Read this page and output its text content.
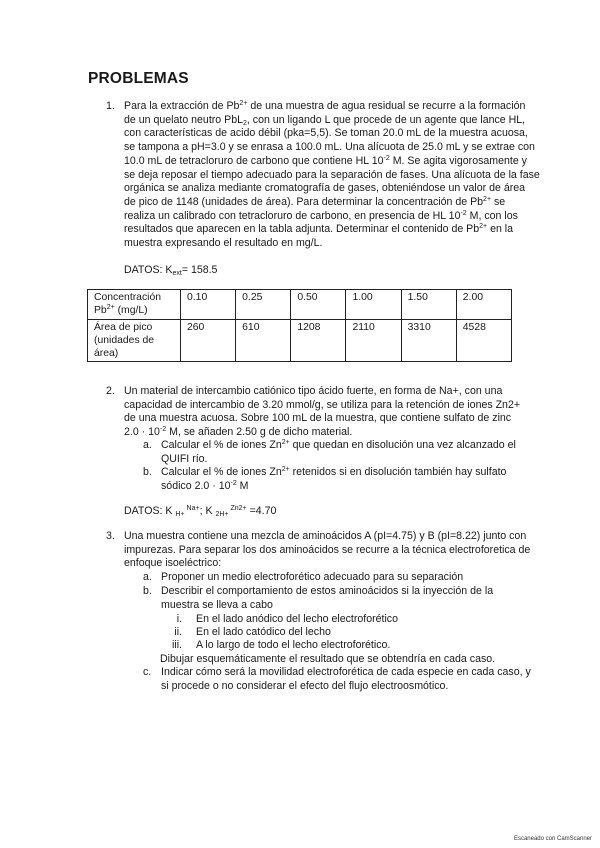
PROBLEMAS
1. Para la extracción de $Pb^{2+}$ de una muestra de agua residual se recurre a la formación
de un quelato neutro PbL$_2$, con un ligando L que procede de un agente que lance HL,
con características de acido débil (pka=5,5). Se toman 20.0 mL de la muestra acuosa,
se tampona a pH=3.0 y se enrasa a 100.0 mL. Una alícuota de 25.0 mL y se extrae con
10.0 mL de tetracloruro de carbono que contiene HL $10^{-2}$ M. Se agita vigorosamente y
se deja reposar el tiempo adecuado para la separación de fases. Una alícuota de la fase
orgánica se analiza mediante cromatografía de gases, obteniéndose un valor de área
de pico de 1148 (unidades de área). Para determinar la concentración de $Pb^{2+}$ se
realiza un calibrado con tetracloruro de carbono, en presencia de HL $10^{-2}$ M, con los
resultados que aparecen en la tabla adjunta. Determinar el contenido de $Pb^{2+}$ en la
muestra expresando el resultado en mg/L.
DATOS: $K_{ext}= 158.5$
Concentración
$Pb^{2+}$ (mg/L)	0.10	0.25	0.50	1.00	1.50	2.00

Área de pico
(unidades de
área)	260	610	1208	2110	3310	4528
2. Un material de intercambio catiónico tipo ácido fuerte, en forma de Na+, con una
capacidad de intercambio de 3.20 mmol/g, se utiliza para la retención de iones Zn2+
de una muestra acuosa. Sobre 100 mL de la muestra, que contiene sulfato de zinc
$2.0 \cdot 10^{-2}$ M, se añaden 2.50 g de dicho material.
a. Calcular el % de iones $Zn^{2+}$ que quedan en disolución una vez alcanzado el
QUIFI río.
b. Calcular el % de iones $Zn^{2+}$ retenidos si en disolución también hay sulfato
sódico $2.0 \cdot 10^{-2}$ M
DATOS: K $_{H+}$ $^{Na+}$; K $_{2H+}$ $^{Zn2+}$ =4.70
3. Una muestra contiene una mezcla de aminoácidos A (pI=4.75) y B (pI=8.22) junto con
impurezas. Para separar los dos aminoácidos se recurre a la técnica electroforetica de
enfoque isoeléctrico:
a. Proponer un medio electroforético adecuado para su separación
b. Describir el comportamiento de estos aminoácidos si la inyección de la
muestra se lleva a cabo
i. En el lado anódico del lecho electroforético
ii. En el lado catódico del lecho
iii. A lo largo de todo el lecho electroforético.
Dibujar esquemáticamente el resultado que se obtendría en cada caso.
c. Indicar cómo será la movilidad electroforética de cada especie en cada caso, y
si procede o no considerar el efecto del flujo electroosmótico.
Escaneado con CamScanner
